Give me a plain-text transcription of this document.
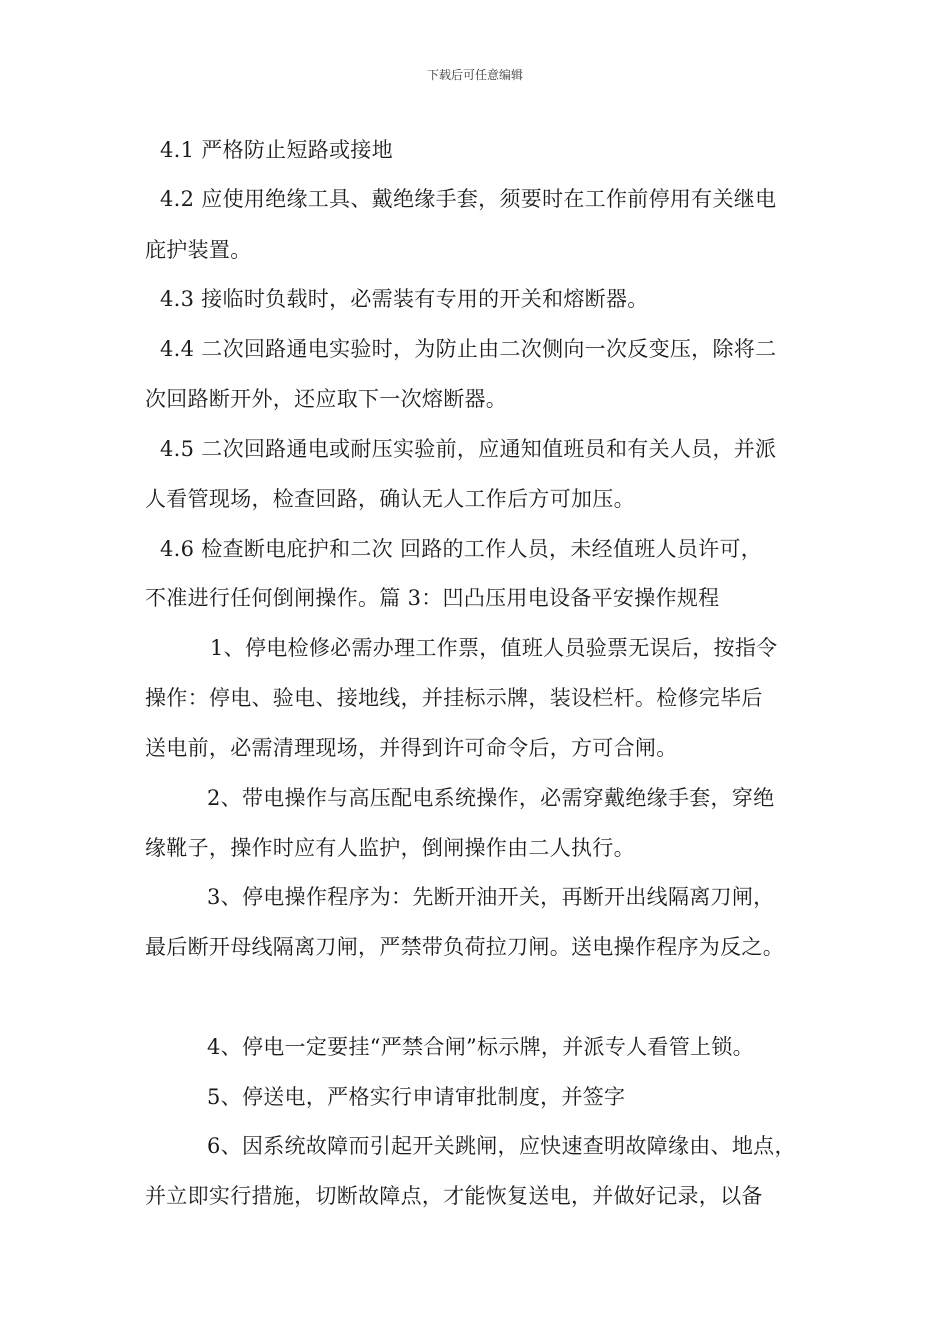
下载后可任意编辑
4.1 严格防止短路或接地
4.2 应使用绝缘工具、戴绝缘手套，须要时在工作前停用有关继电
庇护装置。
4.3 接临时负载时，必需装有专用的开关和熔断器。
4.4 二次回路通电实验时，为防止由二次侧向一次反变压，除将二
次回路断开外，还应取下一次熔断器。
4.5 二次回路通电或耐压实验前，应通知值班员和有关人员，并派
人看管现场，检查回路，确认无人工作后方可加压。
4.6 检查断电庇护和二次 回路的工作人员，未经值班人员许可，
不准进行任何倒闸操作。篇 3：凹凸压用电设备平安操作规程
1、停电检修必需办理工作票，值班人员验票无误后，按指令
操作：停电、验电、接地线，并挂标示牌，装设栏杆。检修完毕后
送电前，必需清理现场，并得到许可命令后，方可合闸。
2、带电操作与高压配电系统操作，必需穿戴绝缘手套，穿绝
缘靴子，操作时应有人监护，倒闸操作由二人执行。
3、停电操作程序为：先断开油开关，再断开出线隔离刀闸，
最后断开母线隔离刀闸，严禁带负荷拉刀闸。送电操作程序为反之。
4、停电一定要挂“严禁合闸”标示牌，并派专人看管上锁。
5、停送电，严格实行申请审批制度，并签字
6、因系统故障而引起开关跳闸，应快速查明故障缘由、地点，
并立即实行措施，切断故障点，才能恢复送电，并做好记录，以备
